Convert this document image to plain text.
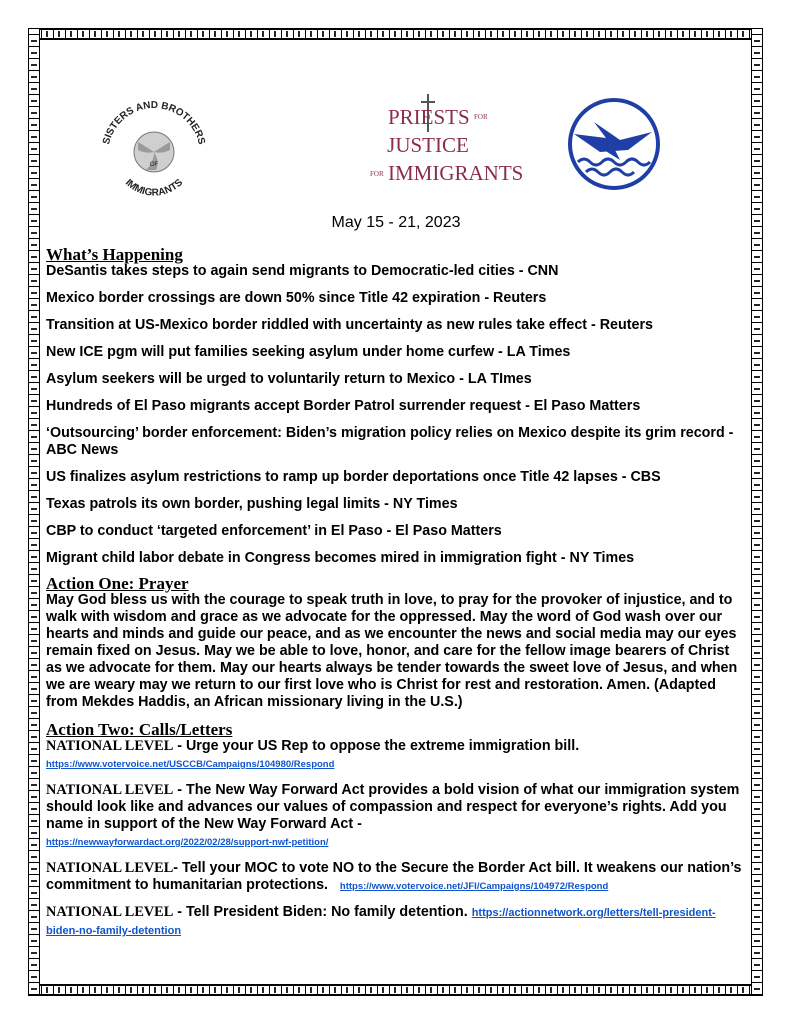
SISTERS AND BROTHERS
IMMIGRANTS
OF
PRIESTS FOR
JUSTICE
FOR IMMIGRANTS
May 15 - 21, 2023
What’s Happening

DeSantis takes steps to again send migrants to Democratic-led cities - CNN

Mexico border crossings are down 50% since Title 42 expiration - Reuters

Transition at US-Mexico border riddled with uncertainty as new rules take effect - Reuters

New ICE pgm will put families seeking asylum under home curfew - LA Times

Asylum seekers will be urged to voluntarily return to Mexico - LA TImes

Hundreds of El Paso migrants accept Border Patrol surrender request - El Paso Matters

‘Outsourcing’ border enforcement: Biden’s migration policy relies on Mexico despite its grim record - ABC News

US finalizes asylum restrictions to ramp up border deportations once Title 42 lapses - CBS

Texas patrols its own border, pushing legal limits - NY Times

CBP to conduct ‘targeted enforcement’ in El Paso - El Paso Matters

Migrant child labor debate in Congress becomes mired in immigration fight - NY Times

Action One: Prayer

May God bless us with the courage to speak truth in love, to pray for the provoker of injustice, and to walk with wisdom and grace as we advocate for the oppressed. May the word of God wash over our hearts and minds and guide our peace, and as we encounter the news and social media may our eyes remain fixed on Jesus. May we be able to love, honor, and care for the fellow image bearers of Christ as we advocate for them. May our hearts always be tender towards the sweet love of Jesus, and when we are weary may we return to our first love who is Christ for rest and restoration. Amen. (Adapted from Mekdes Haddis, an African missionary living in the U.S.)

Action Two: Calls/Letters

NATIONAL LEVEL - Urge your US Rep to oppose the extreme immigration bill.
https://www.votervoice.net/USCCB/Campaigns/104980/Respond

NATIONAL LEVEL - The New Way Forward Act provides a bold vision of what our immigration system should look like and advances our values of compassion and respect for everyone’s rights. Add you name in support of the New Way Forward Act -
https://newwayforwardact.org/2022/02/28/support-nwf-petition/

NATIONAL LEVEL- Tell your MOC to vote NO to the Secure the Border Act bill. It weakens our nation’s commitment to humanitarian protections. https://www.votervoice.net/JFI/Campaigns/104972/Respond

NATIONAL LEVEL - Tell President Biden: No family detention. https://actionnetwork.org/letters/tell-president-biden-no-family-detention
